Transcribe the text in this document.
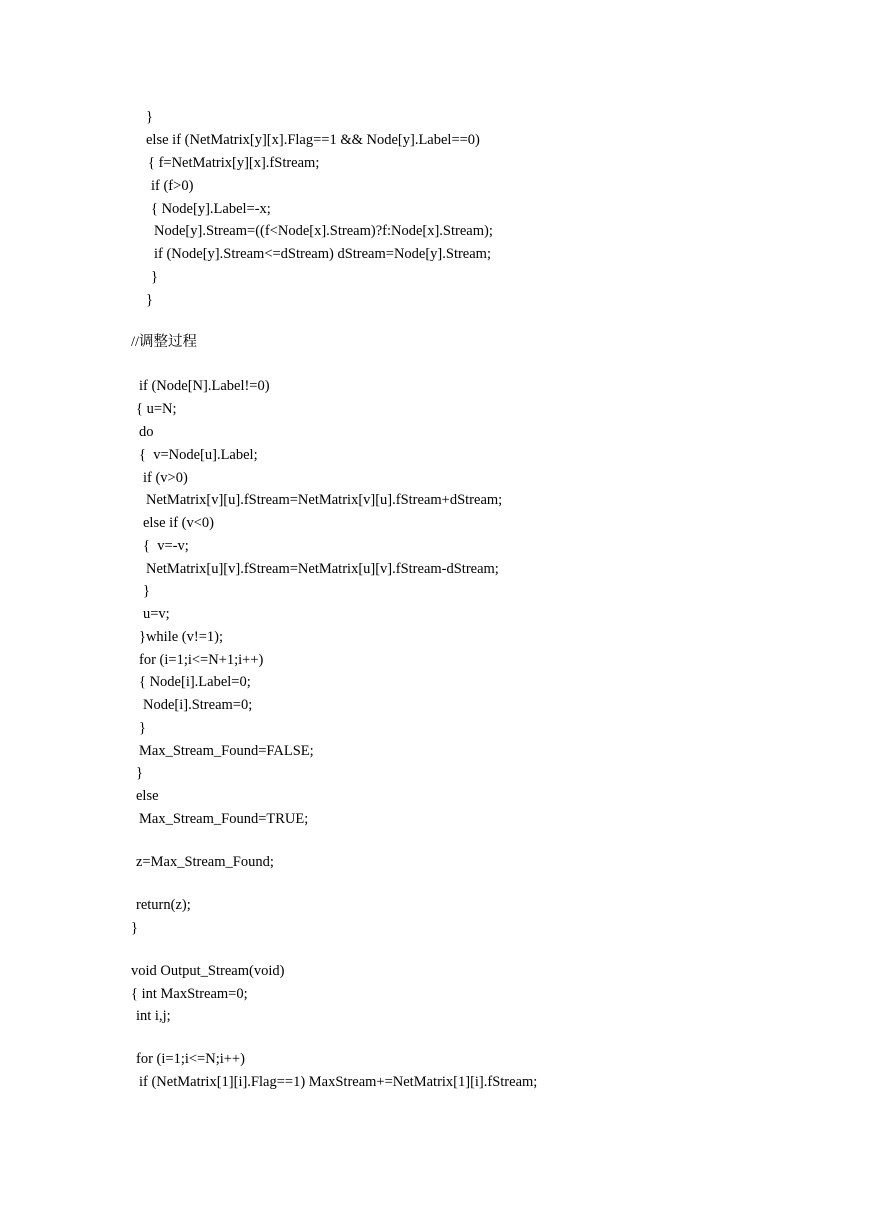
}
else if (NetMatrix[y][x].Flag==1 && Node[y].Label==0)
{ f=NetMatrix[y][x].fStream;
if (f>0)
{ Node[y].Label=-x;
Node[y].Stream=((f<Node[x].Stream)?f:Node[x].Stream);
if (Node[y].Stream<=dStream) dStream=Node[y].Stream;
}
}
//调整过程
if (Node[N].Label!=0)
{ u=N;
do
{  v=Node[u].Label;
if (v>0)
NetMatrix[v][u].fStream=NetMatrix[v][u].fStream+dStream;
else if (v<0)
{  v=-v;
NetMatrix[u][v].fStream=NetMatrix[u][v].fStream-dStream;
}
u=v;
}while (v!=1);
for (i=1;i<=N+1;i++)
{ Node[i].Label=0;
Node[i].Stream=0;
}
Max_Stream_Found=FALSE;
}
else
Max_Stream_Found=TRUE;
z=Max_Stream_Found;
return(z);
}
void Output_Stream(void)
{ int MaxStream=0;
int i,j;
for (i=1;i<=N;i++)
if (NetMatrix[1][i].Flag==1) MaxStream+=NetMatrix[1][i].fStream;
